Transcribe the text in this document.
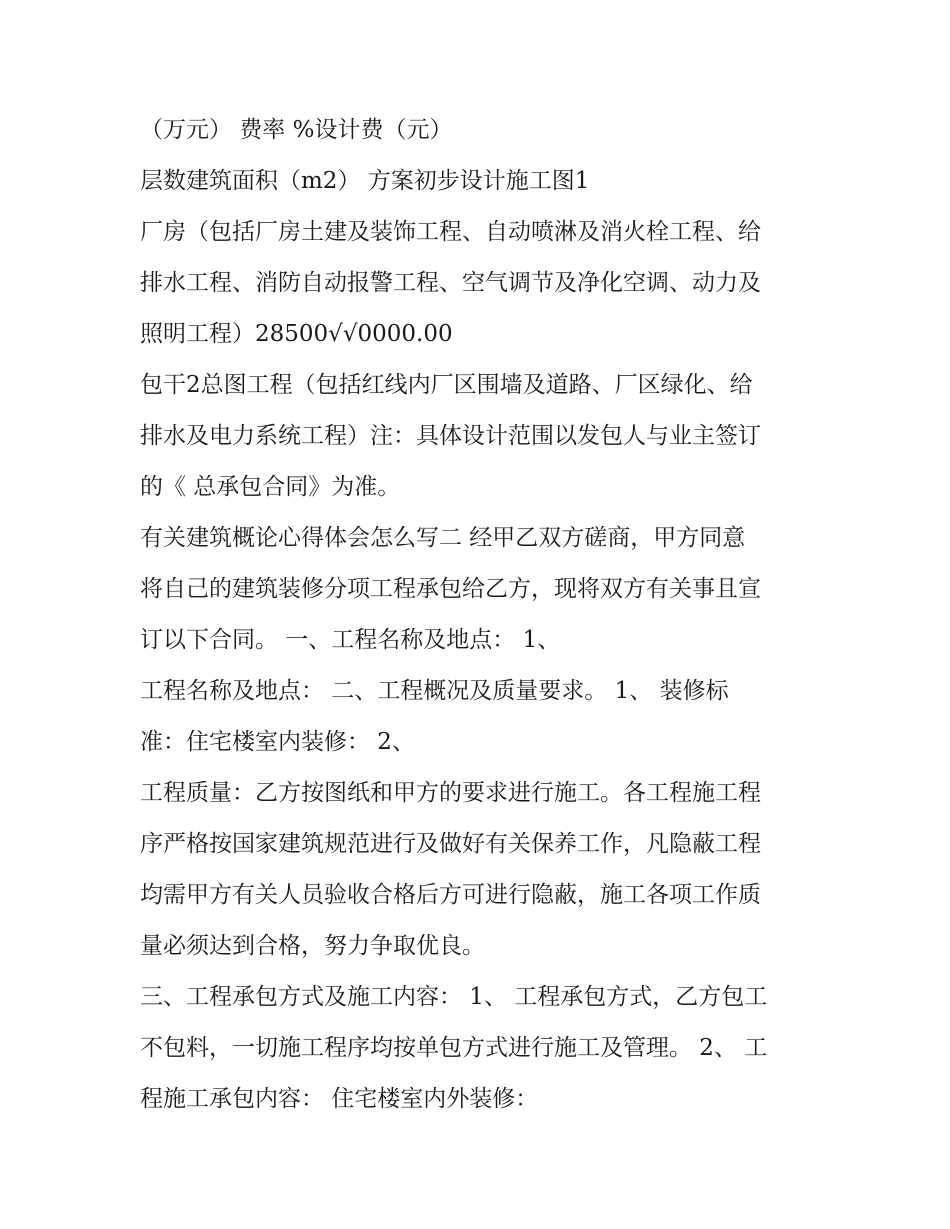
（万元） 费率 %设计费（元）
层数建筑面积（m2） 方案初步设计施工图1
厂房（包括厂房土建及装饰工程、自动喷淋及消火栓工程、给
排水工程、消防自动报警工程、空气调节及净化空调、动力及
照明工程）28500√√0000.00
包干2总图工程（包括红线内厂区围墙及道路、厂区绿化、给
排水及电力系统工程）注：具体设计范围以发包人与业主签订
的《 总承包合同》为准。
有关建筑概论心得体会怎么写二 经甲乙双方磋商，甲方同意
将自己的建筑装修分项工程承包给乙方，现将双方有关事且宣
订以下合同。 一、工程名称及地点： 1、
工程名称及地点： 二、工程概况及质量要求。 1、 装修标
准：住宅楼室内装修： 2、
工程质量：乙方按图纸和甲方的要求进行施工。各工程施工程
序严格按国家建筑规范进行及做好有关保养工作，凡隐蔽工程
均需甲方有关人员验收合格后方可进行隐蔽，施工各项工作质
量必须达到合格，努力争取优良。
三、工程承包方式及施工内容： 1、 工程承包方式，乙方包工
不包料，一切施工程序均按单包方式进行施工及管理。 2、 工
程施工承包内容： 住宅楼室内外装修：
